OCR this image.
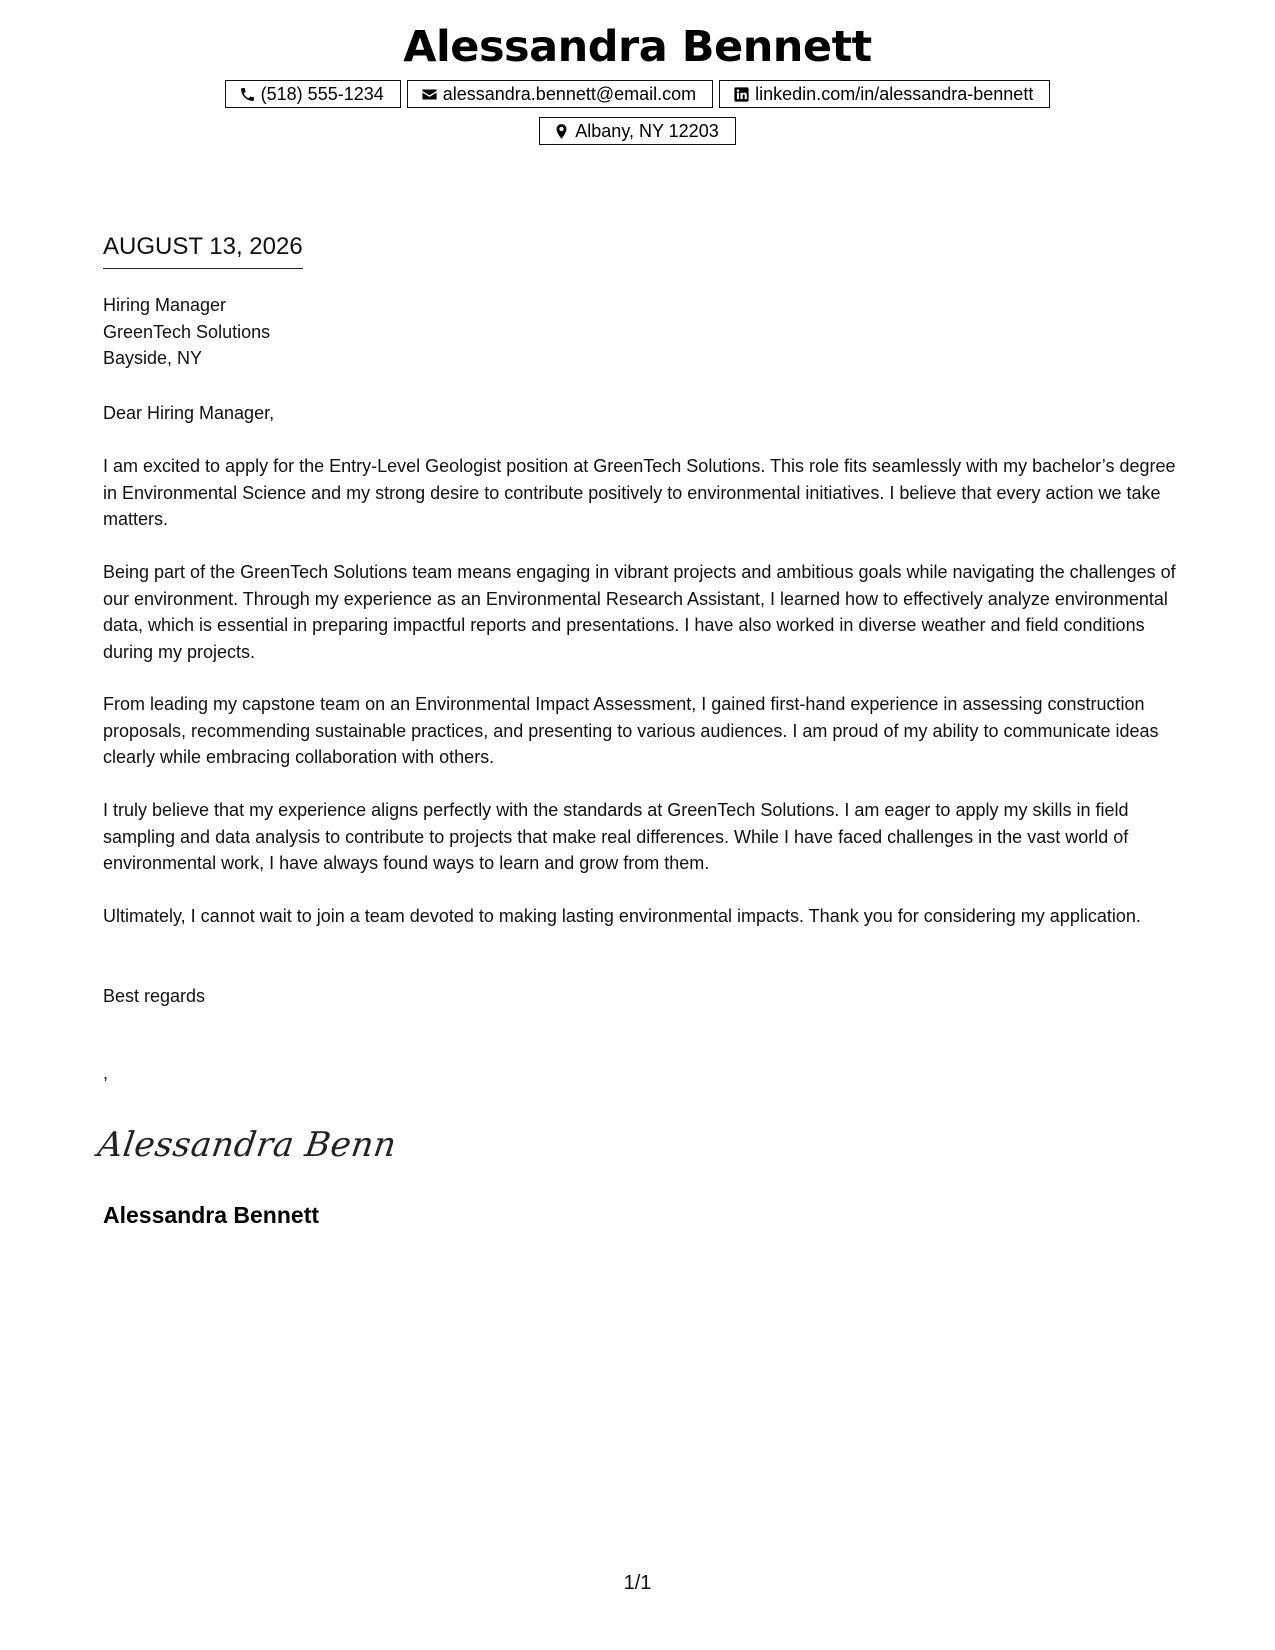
Alessandra Bennett
(518) 555-1234	alessandra.bennett@email.com	linkedin.com/in/alessandra-bennett
Albany, NY 12203
AUGUST 13, 2026
Hiring Manager
GreenTech Solutions
Bayside, NY
Dear Hiring Manager,

I am excited to apply for the Entry-Level Geologist position at GreenTech Solutions. This role fits seamlessly with my bachelor’s degree in Environmental Science and my strong desire to contribute positively to environmental initiatives. I believe that every action we take matters.

Being part of the GreenTech Solutions team means engaging in vibrant projects and ambitious goals while navigating the challenges of our environment. Through my experience as an Environmental Research Assistant, I learned how to effectively analyze environmental data, which is essential in preparing impactful reports and presentations. I have also worked in diverse weather and field conditions during my projects.

From leading my capstone team on an Environmental Impact Assessment, I gained first-hand experience in assessing construction proposals, recommending sustainable practices, and presenting to various audiences. I am proud of my ability to communicate ideas clearly while embracing collaboration with others.

I truly believe that my experience aligns perfectly with the standards at GreenTech Solutions. I am eager to apply my skills in field sampling and data analysis to contribute to projects that make real differences. While I have faced challenges in the vast world of environmental work, I have always found ways to learn and grow from them.

Ultimately, I cannot wait to join a team devoted to making lasting environmental impacts. Thank you for considering my application.

Best regards
,
Alessandra Benn
Alessandra Bennett
1/1
